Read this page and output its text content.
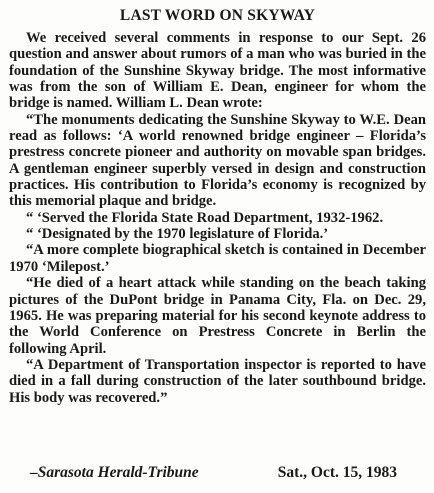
LAST WORD ON SKYWAY

We received several comments in response to our Sept. 26 question and answer about rumors of a man who was buried in the foundation of the Sunshine Skyway bridge. The most informative was from the son of William E. Dean, engineer for whom the bridge is named. William L. Dean wrote:

“The monuments dedicating the Sunshine Skyway to W.E. Dean read as follows: ‘A world renowned bridge engineer – Florida’s prestress concrete pioneer and authority on movable span bridges. A gentleman engineer superbly versed in design and construction practices. His contribution to Florida’s economy is recognized by this memorial plaque and bridge.

“ ‘Served the Florida State Road Department, 1932-1962.

“ ‘Designated by the 1970 legislature of Florida.’

“A more complete biographical sketch is contained in December 1970 ‘Milepost.’

“He died of a heart attack while standing on the beach taking pictures of the DuPont bridge in Panama City, Fla. on Dec. 29, 1965. He was preparing material for his second keynote address to the World Conference on Prestress Concrete in Berlin the following April.

“A Department of Transportation inspector is reported to have died in a fall during construction of the later southbound bridge. His body was recovered.”

–Sarasota Herald-Tribune	Sat., Oct. 15, 1983
